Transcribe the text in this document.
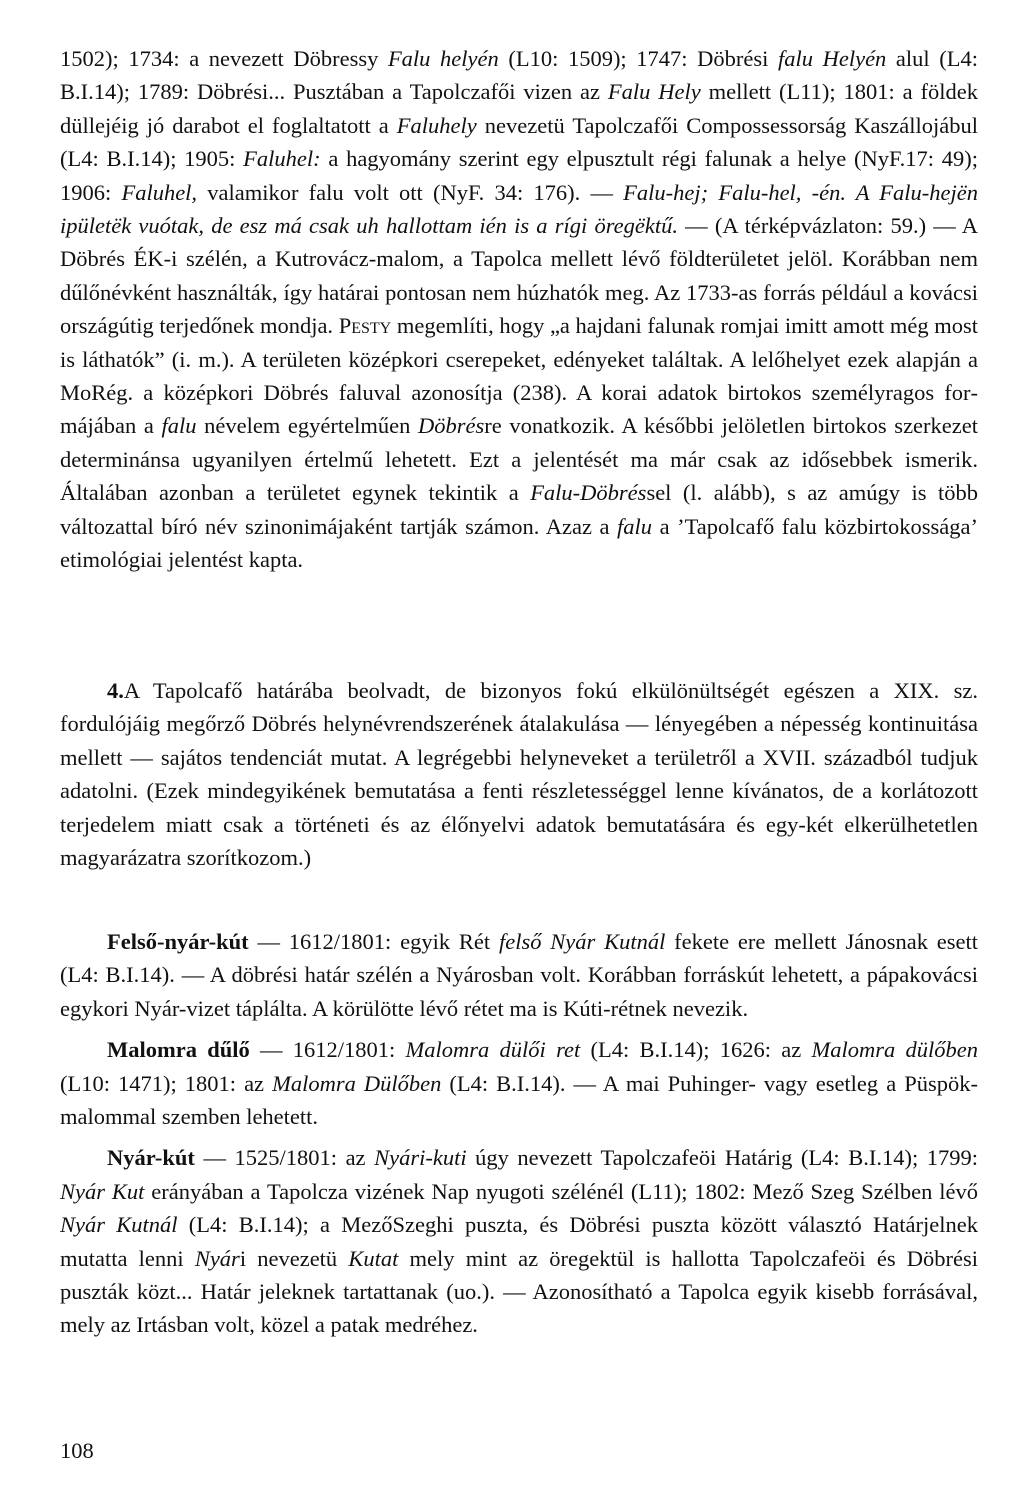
1502); 1734: a nevezett Döbressy Falu helyén (L10: 1509); 1747: Döbrési falu Helyén alul (L4: B.I.14); 1789: Döbrési... Pusztában a Tapolczafői vizen az Falu Hely mellett (L11); 1801: a földek düllejéig jó darabot el foglaltatott a Faluhely nevezetü Tapolczafői Compossessorság Kaszállojábul (L4: B.I.14); 1905: Faluhel: a hagyomány szerint egy elpusztult régi falunak a helye (NyF.17: 49); 1906: Faluhel, valamikor falu volt ott (NyF. 34: 176). — Falu-hej; Falu-hel, -én. A Falu-hejën ipületëk vuótak, de esz má csak uh hallottam ién is a rígi öregëktű. — (A térképvázlaton: 59.) — A Döbrés ÉK-i szélén, a Kutrovácz-malom, a Tapolca mellett lévő földterületet jelöl. Korábban nem dűlőnévként használták, így határai pontosan nem húzhatók meg. Az 1733-as forrás például a kovácsi országútig terjedőnek mondja. Pesty megemlíti, hogy „a hajdani falunak romjai imitt amott még most is láthatók” (i. m.). A területen középkori cserepeket, edényeket találtak. A lelőhelyet ezek alapján a MoRég. a középkori Döbrés faluval azonosítja (238). A korai adatok birtokos személyragos formájában a falu névelem egyértelműen Döbrésre vonatkozik. A későbbi jelöletlen birtokos szerkezet determinánsa ugyanilyen értelmű lehetett. Ezt a jelentését ma már csak az idősebbek ismerik. Általában azonban a területet egynek tekintik a Falu-Döbréssel (l. alább), s az amúgy is több változattal bíró név szinonimájaként tartják számon. Azaz a falu a ’Tapolcafő falu közbirtokossága’ etimológiai jelentést kapta.

4.A Tapolcafő határába beolvadt, de bizonyos fokú elkülönültségét egészen a XIX. sz. fordulójáig megőrző Döbrés helynévrendszerének átalakulása — lényegében a népesség kontinuitása mellett — sajátos tendenciát mutat. A legrégebbi helyneveket a területről a XVII. századból tudjuk adatolni. (Ezek mindegyikének bemutatása a fenti részletességgel lenne kívánatos, de a korlátozott terjedelem miatt csak a történeti és az élőnyelvi adatok bemutatására és egy-két elkerülhetetlen magyarázatra szorítkozom.)

Felső-nyár-kút — 1612/1801: egyik Rét felső Nyár Kutnál fekete ere mellett Jánosnak esett (L4: B.I.14). — A döbrési határ szélén a Nyárosban volt. Korábban forráskút lehetett, a pápakovácsi egykori Nyár-vizet táplálta. A körülötte lévő rétet ma is Kúti-rétnek nevezik.

Malomra dűlő — 1612/1801: Malomra dülői ret (L4: B.I.14); 1626: az Malomra dülőben (L10: 1471); 1801: az Malomra Dülőben (L4: B.I.14). — A mai Puhinger- vagy esetleg a Püspök-malommal szemben lehetett.

Nyár-kút — 1525/1801: az Nyári-kuti úgy nevezett Tapolczafeöi Határig (L4: B.I.14); 1799: Nyár Kut erányában a Tapolcza vizének Nap nyugoti szélénél (L11); 1802: Mező Szeg Szélben lévő Nyár Kutnál (L4: B.I.14); a MezőSzeghi puszta, és Döbrési puszta között választó Határjelnek mutatta lenni Nyári nevezetü Kutat mely mint az öregektül is hallotta Tapolczafeöi és Döbrési puszták közt... Határ jeleknek tartattanak (uo.). — Azonosítható a Tapolca egyik kisebb forrásával, mely az Irtásban volt, közel a patak medréhez.

108
